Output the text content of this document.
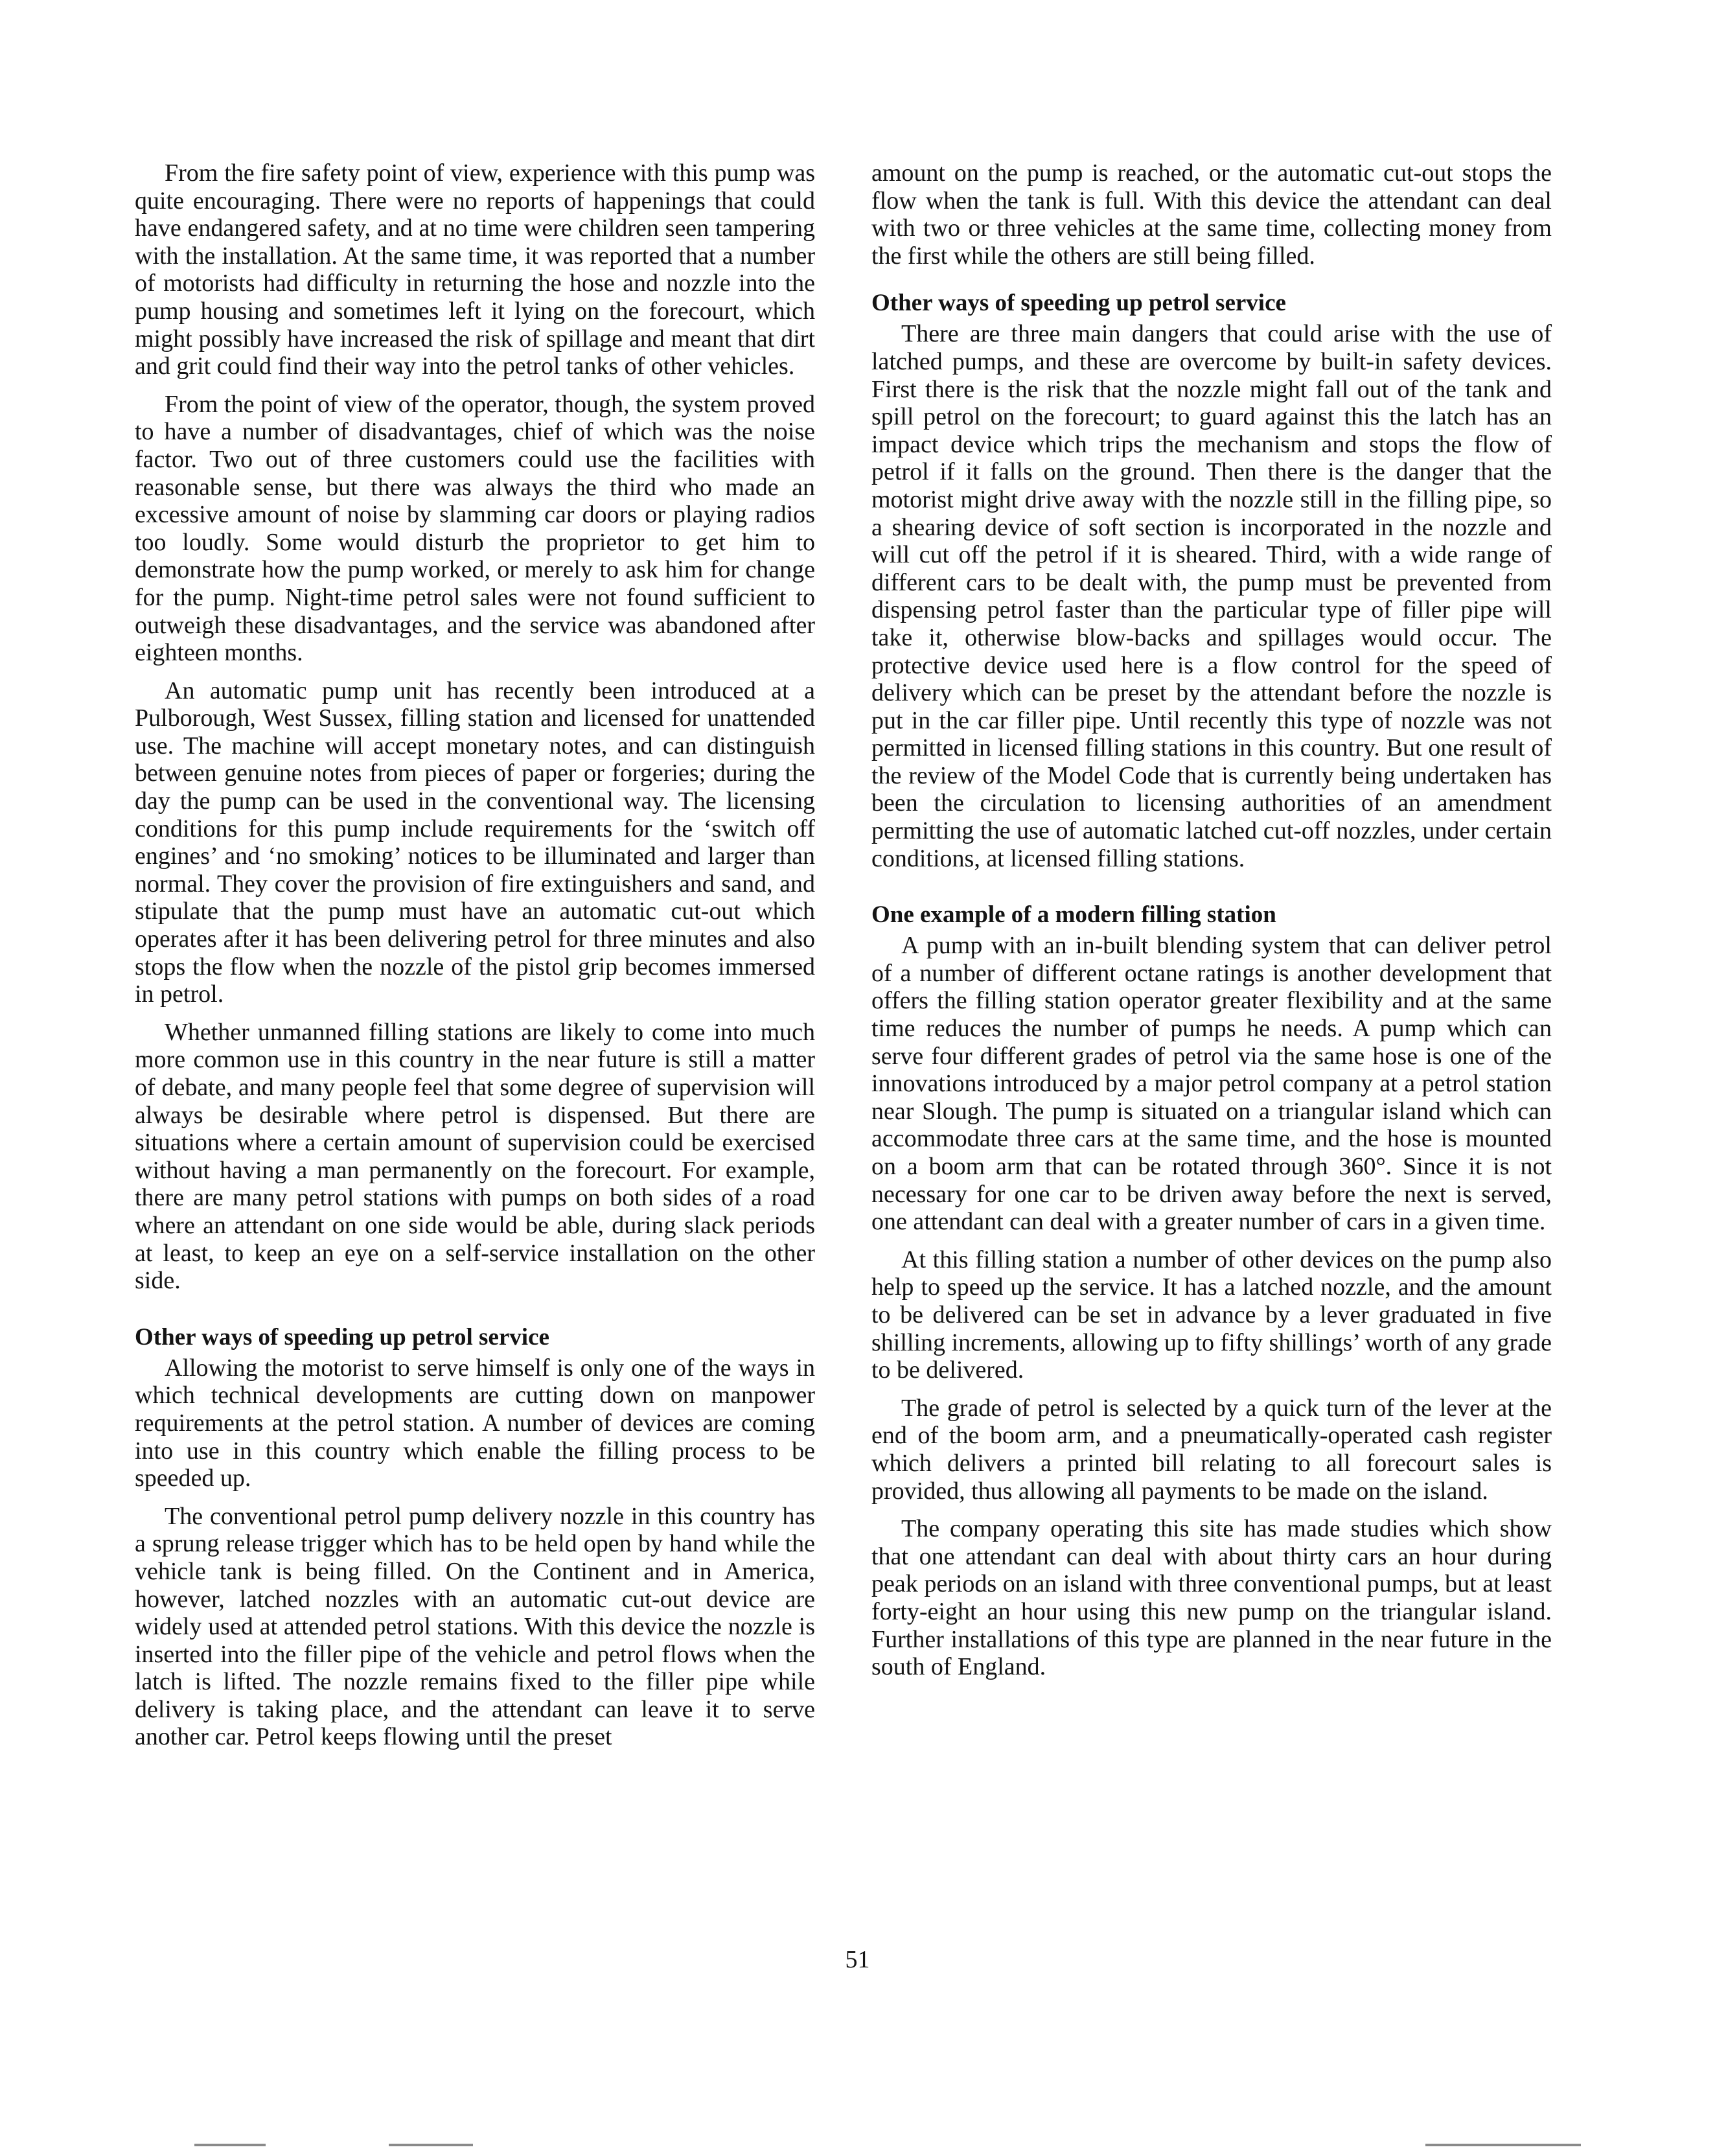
From the fire safety point of view, experience with this pump was quite encouraging. There were no reports of happenings that could have endangered safety, and at no time were children seen tampering with the installation. At the same time, it was reported that a number of motorists had difficulty in returning the hose and nozzle into the pump housing and sometimes left it lying on the forecourt, which might possibly have increased the risk of spillage and meant that dirt and grit could find their way into the petrol tanks of other vehicles.

From the point of view of the operator, though, the system proved to have a number of disadvantages, chief of which was the noise factor. Two out of three customers could use the facilities with reasonable sense, but there was always the third who made an excessive amount of noise by slamming car doors or playing radios too loudly. Some would disturb the proprietor to get him to demonstrate how the pump worked, or merely to ask him for change for the pump. Night-time petrol sales were not found sufficient to outweigh these disadvantages, and the service was abandoned after eighteen months.

An automatic pump unit has recently been introduced at a Pulborough, West Sussex, filling station and licensed for unattended use. The machine will accept monetary notes, and can distinguish between genuine notes from pieces of paper or forgeries; during the day the pump can be used in the conventional way. The licensing conditions for this pump include requirements for the ‘switch off engines’ and ‘no smoking’ notices to be illuminated and larger than normal. They cover the provision of fire extinguishers and sand, and stipulate that the pump must have an automatic cut-out which operates after it has been delivering petrol for three minutes and also stops the flow when the nozzle of the pistol grip becomes immersed in petrol.

Whether unmanned filling stations are likely to come into much more common use in this country in the near future is still a matter of debate, and many people feel that some degree of supervision will always be desirable where petrol is dispensed. But there are situations where a certain amount of supervision could be exercised without having a man permanently on the forecourt. For example, there are many petrol stations with pumps on both sides of a road where an attendant on one side would be able, during slack periods at least, to keep an eye on a self-service installation on the other side.

Other ways of speeding up petrol service

Allowing the motorist to serve himself is only one of the ways in which technical developments are cutting down on manpower requirements at the petrol station. A number of devices are coming into use in this country which enable the filling process to be speeded up.

The conventional petrol pump delivery nozzle in this country has a sprung release trigger which has to be held open by hand while the vehicle tank is being filled. On the Continent and in America, however, latched nozzles with an automatic cut-out device are widely used at attended petrol stations. With this device the nozzle is inserted into the filler pipe of the vehicle and petrol flows when the latch is lifted. The nozzle remains fixed to the filler pipe while delivery is taking place, and the attendant can leave it to serve another car. Petrol keeps flowing until the preset

amount on the pump is reached, or the automatic cut-out stops the flow when the tank is full. With this device the attendant can deal with two or three vehicles at the same time, collecting money from the first while the others are still being filled.

Other ways of speeding up petrol service

There are three main dangers that could arise with the use of latched pumps, and these are overcome by built-in safety devices. First there is the risk that the nozzle might fall out of the tank and spill petrol on the forecourt; to guard against this the latch has an impact device which trips the mechanism and stops the flow of petrol if it falls on the ground. Then there is the danger that the motorist might drive away with the nozzle still in the filling pipe, so a shearing device of soft section is incorporated in the nozzle and will cut off the petrol if it is sheared. Third, with a wide range of different cars to be dealt with, the pump must be prevented from dispensing petrol faster than the particular type of filler pipe will take it, otherwise blow-backs and spillages would occur. The protective device used here is a flow control for the speed of delivery which can be preset by the attendant before the nozzle is put in the car filler pipe. Until recently this type of nozzle was not permitted in licensed filling stations in this country. But one result of the review of the Model Code that is currently being undertaken has been the circulation to licensing authorities of an amendment permitting the use of automatic latched cut-off nozzles, under certain conditions, at licensed filling stations.

One example of a modern filling station

A pump with an in-built blending system that can deliver petrol of a number of different octane ratings is another development that offers the filling station operator greater flexibility and at the same time reduces the number of pumps he needs. A pump which can serve four different grades of petrol via the same hose is one of the innovations introduced by a major petrol company at a petrol station near Slough. The pump is situated on a triangular island which can accommodate three cars at the same time, and the hose is mounted on a boom arm that can be rotated through 360°. Since it is not necessary for one car to be driven away before the next is served, one attendant can deal with a greater number of cars in a given time.

At this filling station a number of other devices on the pump also help to speed up the service. It has a latched nozzle, and the amount to be delivered can be set in advance by a lever graduated in five shilling increments, allowing up to fifty shillings’ worth of any grade to be delivered.

The grade of petrol is selected by a quick turn of the lever at the end of the boom arm, and a pneumatically-operated cash register which delivers a printed bill relating to all forecourt sales is provided, thus allowing all payments to be made on the island.

The company operating this site has made studies which show that one attendant can deal with about thirty cars an hour during peak periods on an island with three conventional pumps, but at least forty-eight an hour using this new pump on the triangular island. Further installations of this type are planned in the near future in the south of England.

51
